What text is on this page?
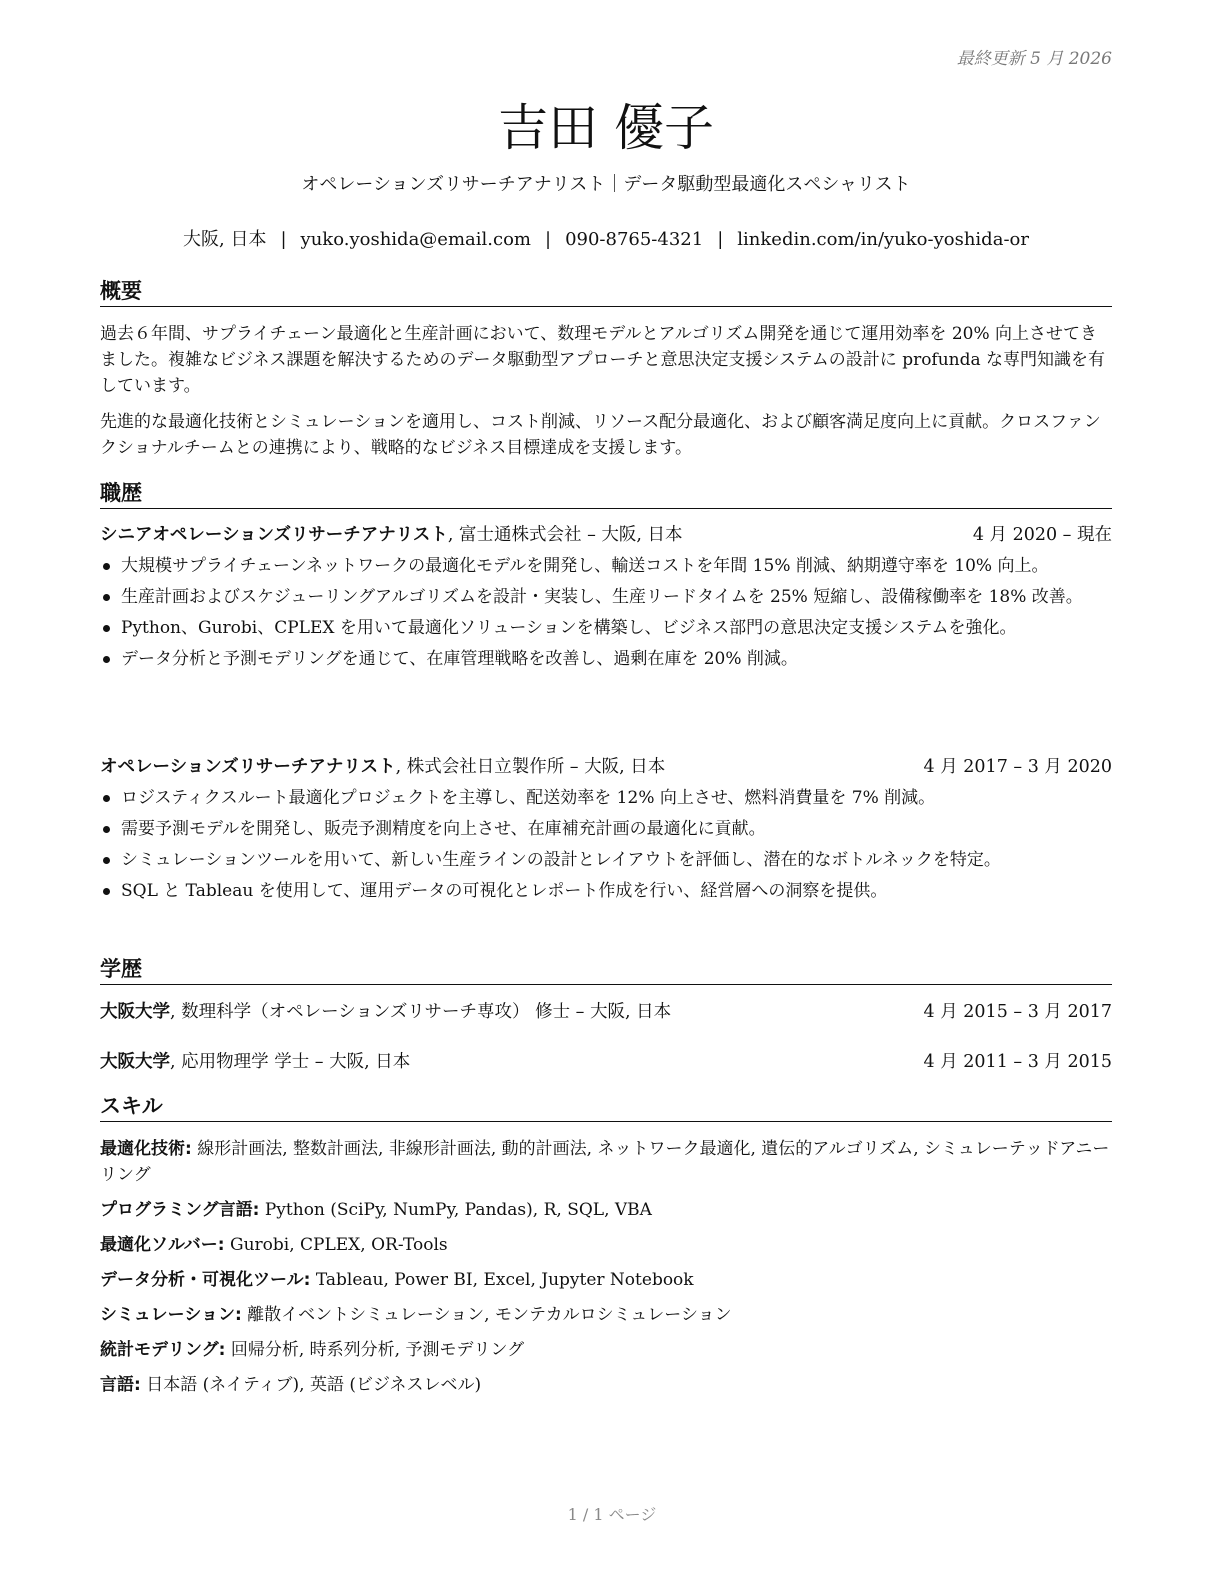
最終更新 5 月 2026
吉田 優子
オペレーションズリサーチアナリスト｜データ駆動型最適化スペシャリスト
大阪, 日本 | yuko.yoshida@email.com | 090-8765-4321 | linkedin.com/in/yuko-yoshida-or
概要
過去６年間、サプライチェーン最適化と生産計画において、数理モデルとアルゴリズム開発を通じて運用効率を 20% 向上させてきました。複雑なビジネス課題を解決するためのデータ駆動型アプローチと意思決定支援システムの設計に profunda な専門知識を有しています。
先進的な最適化技術とシミュレーションを適用し、コスト削減、リソース配分最適化、および顧客満足度向上に貢献。クロスファンクショナルチームとの連携により、戦略的なビジネス目標達成を支援します。
職歴
シニアオペレーションズリサーチアナリスト, 富士通株式会社 – 大阪, 日本	4 月 2020 – 現在
大規模サプライチェーンネットワークの最適化モデルを開発し、輸送コストを年間 15% 削減、納期遵守率を 10% 向上。
生産計画およびスケジューリングアルゴリズムを設計・実装し、生産リードタイムを 25% 短縮し、設備稼働率を 18% 改善。
Python、Gurobi、CPLEX を用いて最適化ソリューションを構築し、ビジネス部門の意思決定支援システムを強化。
データ分析と予測モデリングを通じて、在庫管理戦略を改善し、過剰在庫を 20% 削減。
オペレーションズリサーチアナリスト, 株式会社日立製作所 – 大阪, 日本	4 月 2017 – 3 月 2020
ロジスティクスルート最適化プロジェクトを主導し、配送効率を 12% 向上させ、燃料消費量を 7% 削減。
需要予測モデルを開発し、販売予測精度を向上させ、在庫補充計画の最適化に貢献。
シミュレーションツールを用いて、新しい生産ラインの設計とレイアウトを評価し、潜在的なボトルネックを特定。
SQL と Tableau を使用して、運用データの可視化とレポート作成を行い、経営層への洞察を提供。
学歴
大阪大学, 数理科学（オペレーションズリサーチ専攻） 修士 – 大阪, 日本	4 月 2015 – 3 月 2017
大阪大学, 応用物理学 学士 – 大阪, 日本	4 月 2011 – 3 月 2015
スキル
最適化技術: 線形計画法, 整数計画法, 非線形計画法, 動的計画法, ネットワーク最適化, 遺伝的アルゴリズム, シミュレーテッドアニーリング
プログラミング言語: Python (SciPy, NumPy, Pandas), R, SQL, VBA
最適化ソルバー: Gurobi, CPLEX, OR-Tools
データ分析・可視化ツール: Tableau, Power BI, Excel, Jupyter Notebook
シミュレーション: 離散イベントシミュレーション, モンテカルロシミュレーション
統計モデリング: 回帰分析, 時系列分析, 予測モデリング
言語: 日本語 (ネイティブ), 英語 (ビジネスレベル)
1 / 1 ページ
